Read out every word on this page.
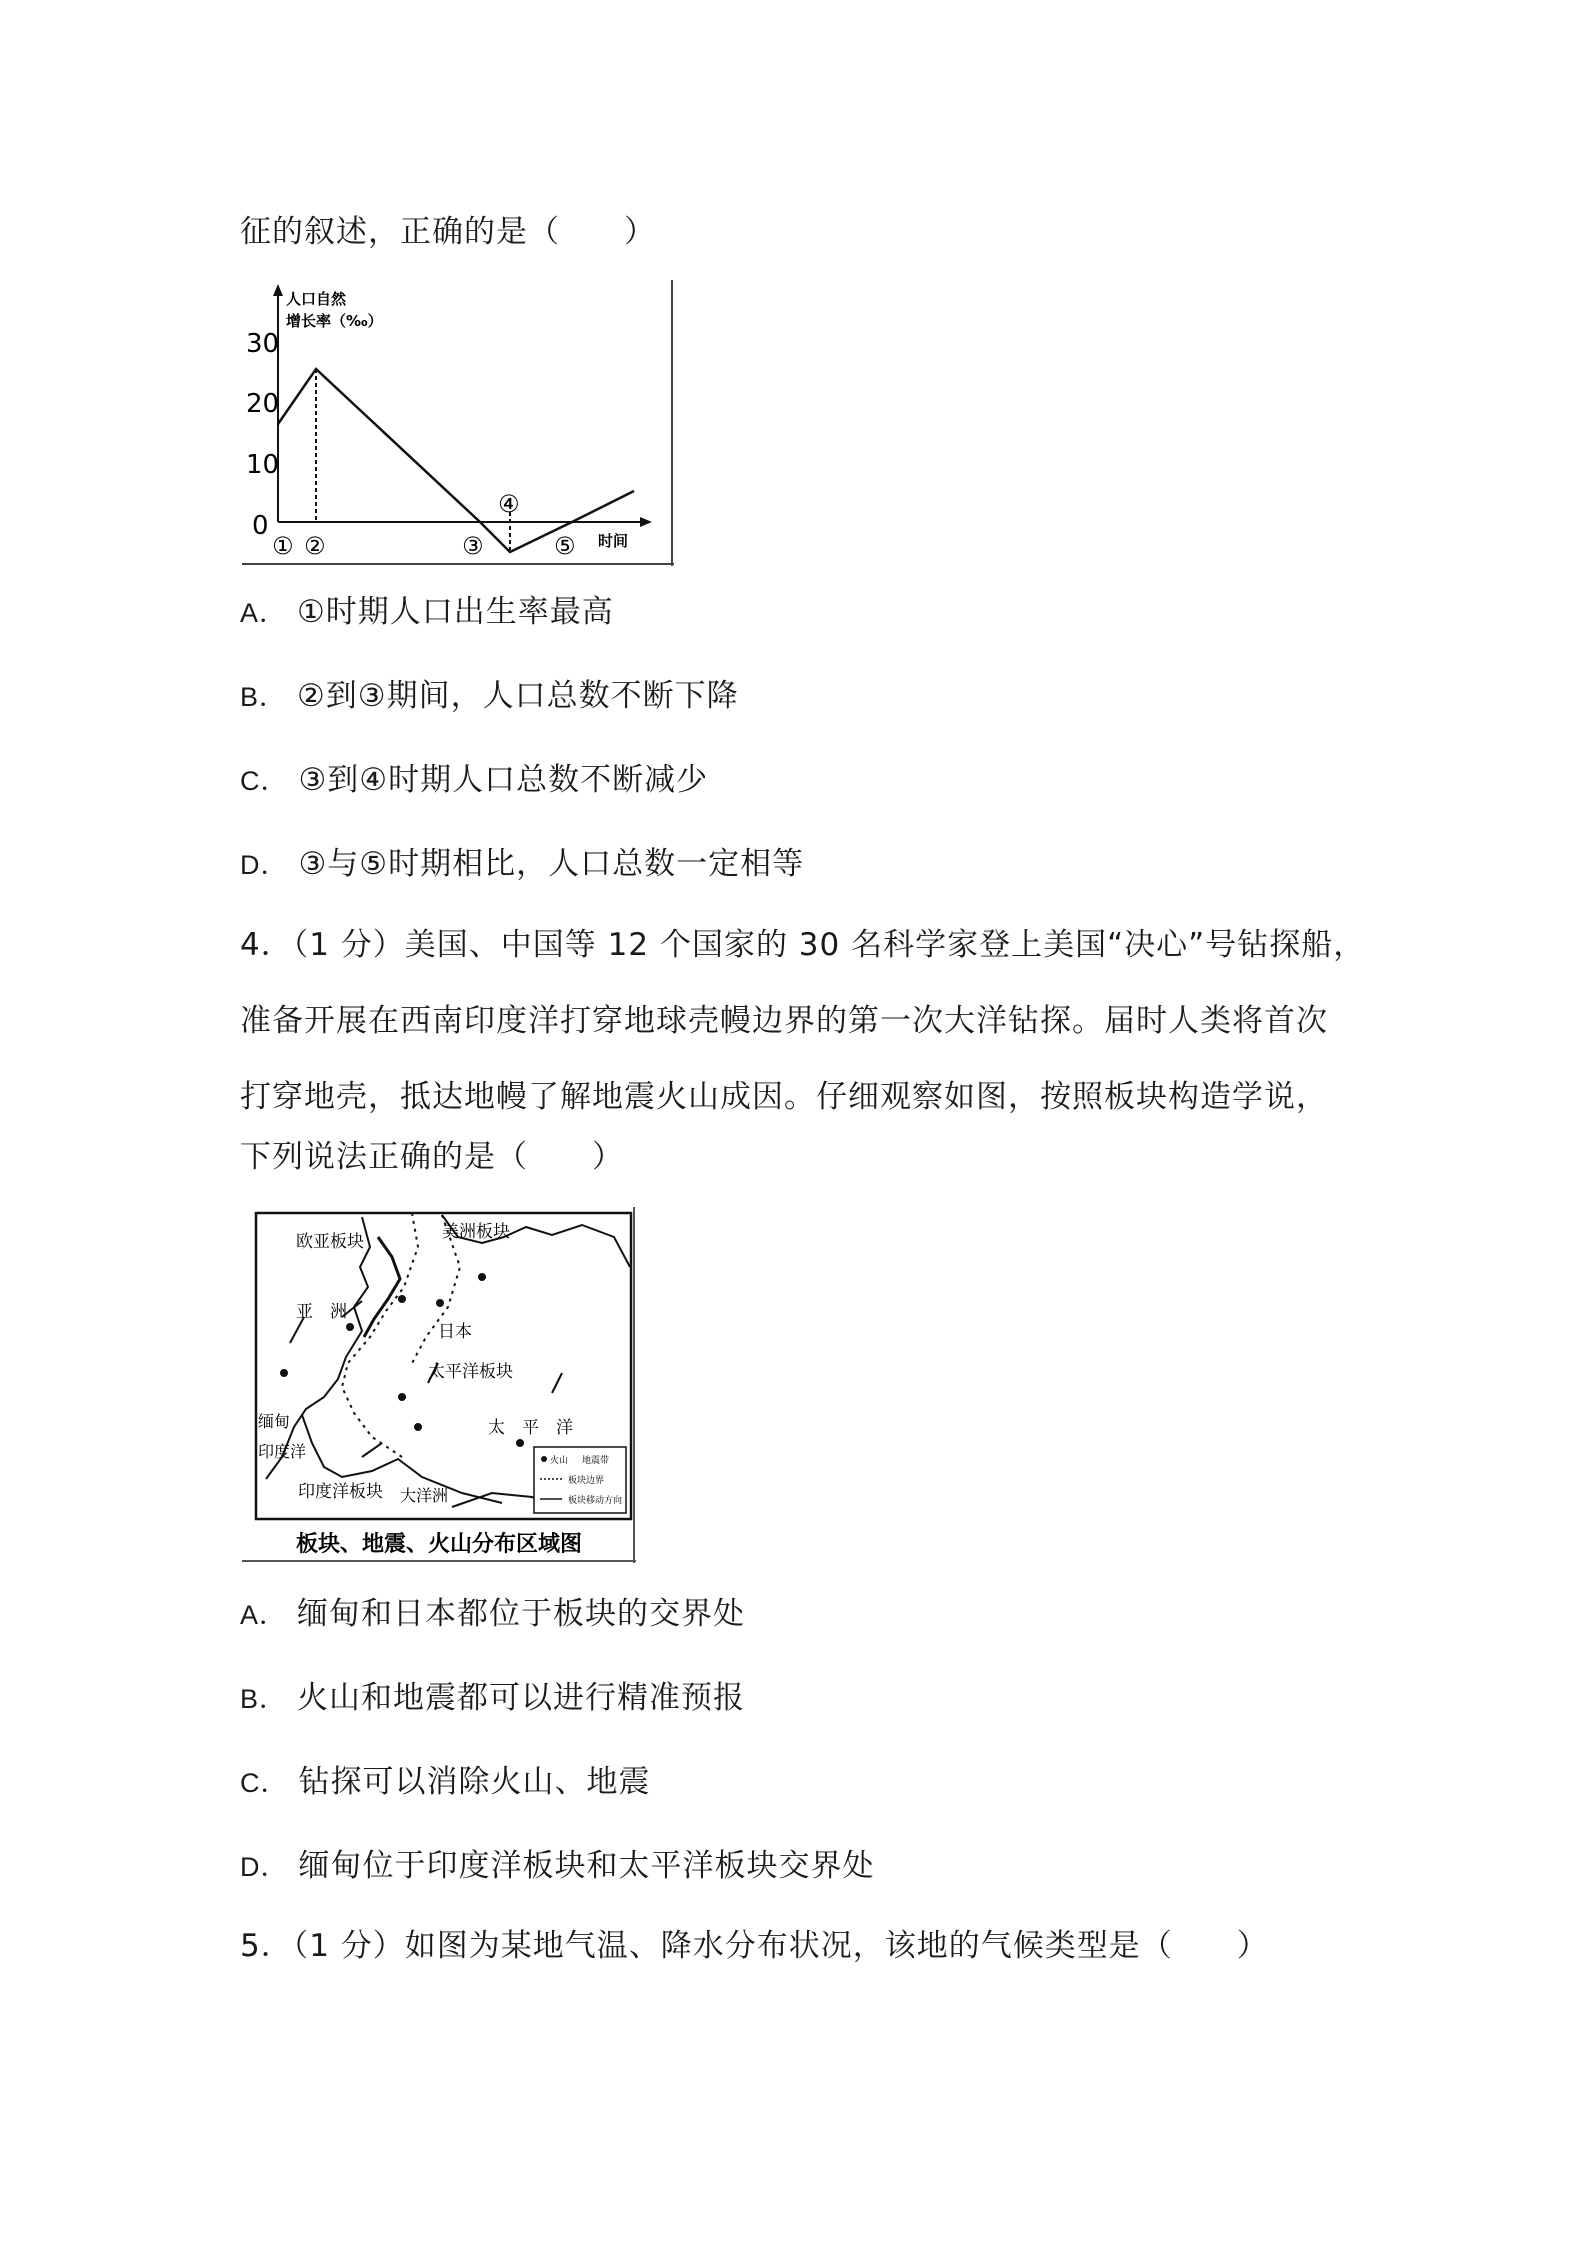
征的叙述，正确的是（　　）
人口自然
增长率（‰）
30
20
10
0
① ②	③
④
⑤ 时间
A． ①时期人口出生率最高
B． ②到③期间，人口总数不断下降
C． ③到④时期人口总数不断减少
D． ③与⑤时期相比，人口总数一定相等
4．（1 分）美国、中国等 12 个国家的 30 名科学家登上美国“决心”号钻探船，
准备开展在西南印度洋打穿地球壳幔边界的第一次大洋钻探。届时人类将首次
打穿地壳，抵达地幔了解地震火山成因。仔细观察如图，按照板块构造学说，
下列说法正确的是（　　）
欧亚板块	美洲板块
亚　洲
日本
太平洋板块
太　平　洋
缅甸
印度洋
印度洋板块 大洋洲
火山 地震带
板块边界
板块移动方向
板块、地震、火山分布区域图
A． 缅甸和日本都位于板块的交界处
B． 火山和地震都可以进行精准预报
C． 钻探可以消除火山、地震
D． 缅甸位于印度洋板块和太平洋板块交界处
5．（1 分）如图为某地气温、降水分布状况，该地的气候类型是（　　）
